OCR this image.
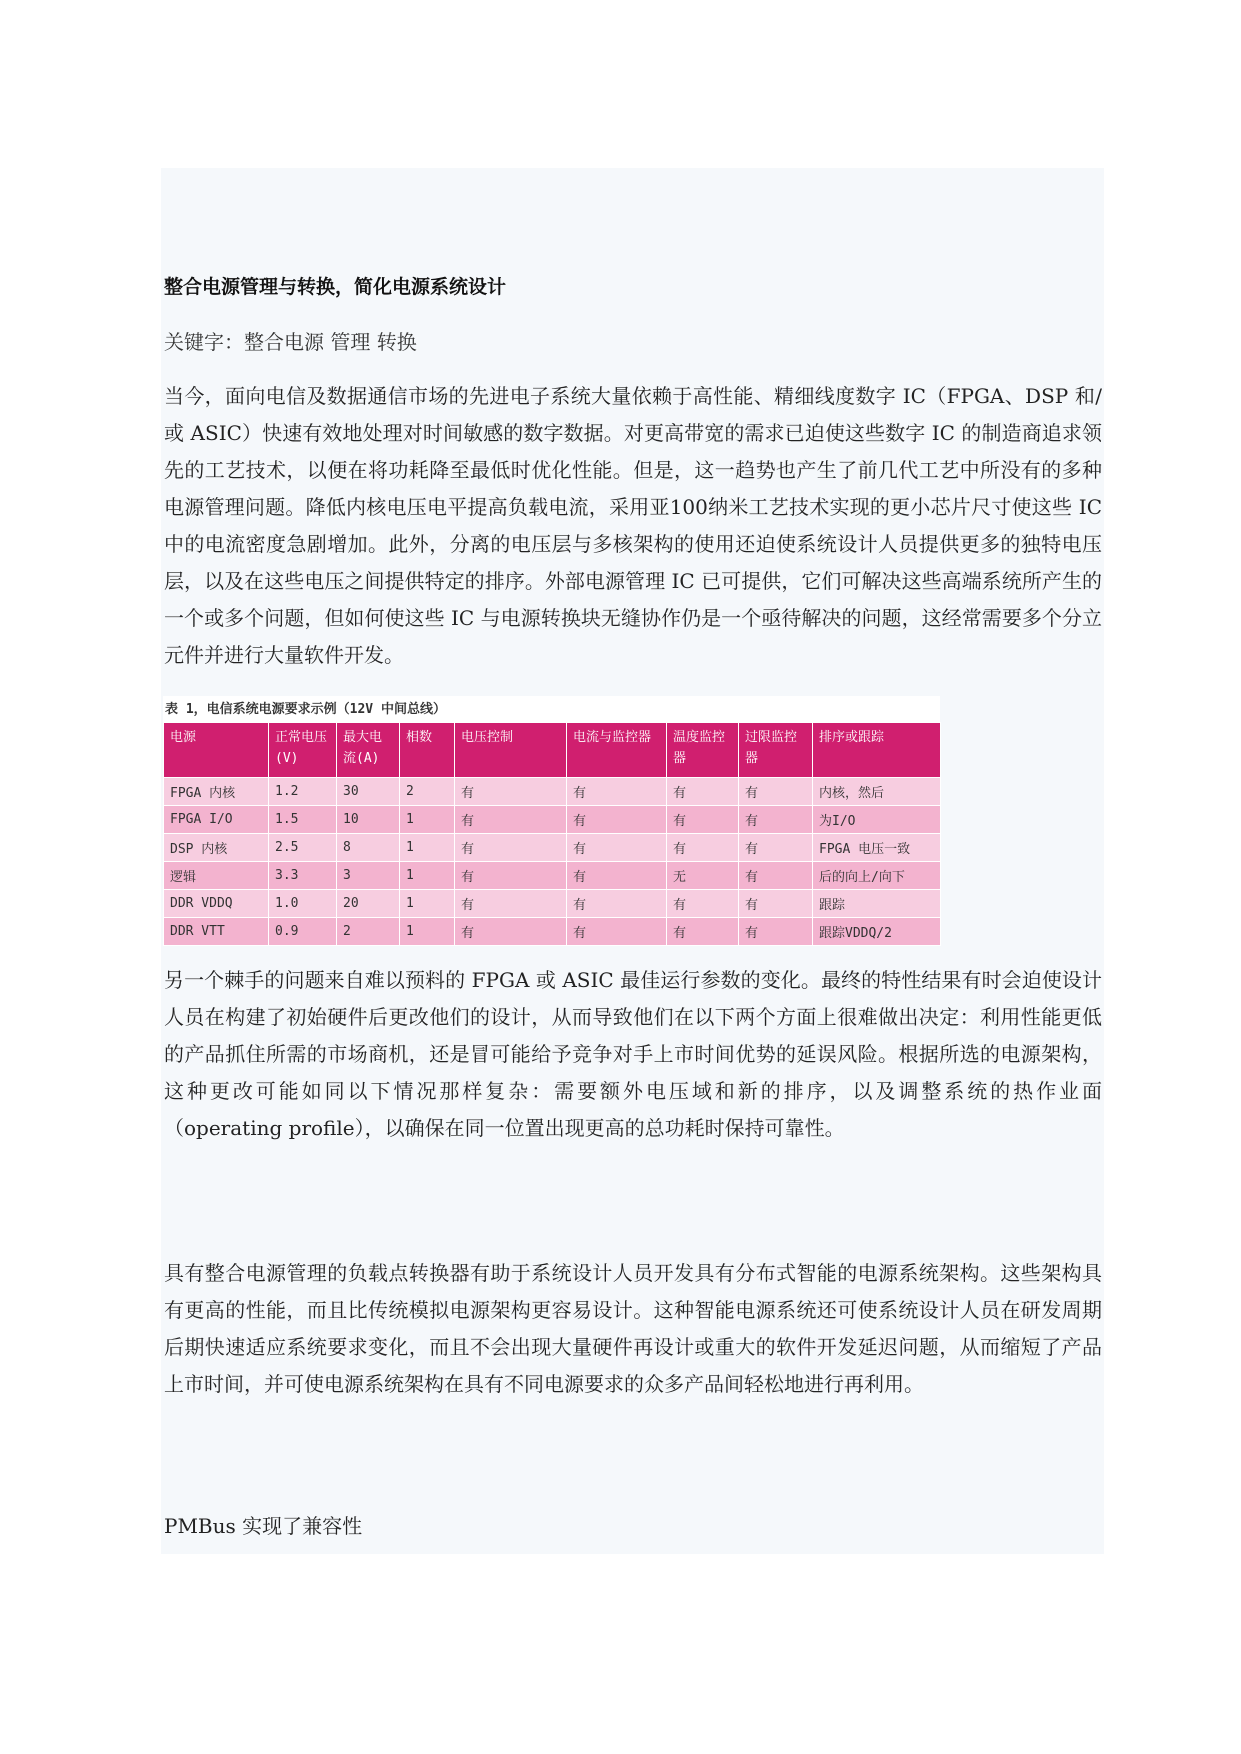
整合电源管理与转换，简化电源系统设计
关键字：整合电源 管理 转换

当今，面向电信及数据通信市场的先进电子系统大量依赖于高性能、精细线度数字 IC（FPGA、DSP 和/或 ASIC）快速有效地处理对时间敏感的数字数据。对更高带宽的需求已迫使这些数字 IC 的制造商追求领先的工艺技术，以便在将功耗降至最低时优化性能。但是，这一趋势也产生了前几代工艺中所没有的多种电源管理问题。降低内核电压电平提高负载电流，采用亚100纳米工艺技术实现的更小芯片尺寸使这些 IC 中的电流密度急剧增加。此外，分离的电压层与多核架构的使用还迫使系统设计人员提供更多的独特电压层，以及在这些电压之间提供特定的排序。外部电源管理 IC 已可提供，它们可解决这些高端系统所产生的一个或多个问题，但如何使这些 IC 与电源转换块无缝协作仍是一个亟待解决的问题，这经常需要多个分立元件并进行大量软件开发。

表 1，电信系统电源要求示例（12V 中间总线）
电源	正常电压(V)	最大电流(A)	相数	电压控制	电流与监控器	温度监控器	过限监控器	排序或跟踪
FPGA 内核	1.2	30	2	有	有	有	有	内核，然后
FPGA I/O	1.5	10	1	有	有	有	有	为I/O
DSP 内核	2.5	8	1	有	有	有	有	FPGA 电压一致
逻辑	3.3	3	1	有	有	无	有	后的向上/向下
DDR VDDQ	1.0	20	1	有	有	有	有	跟踪
DDR VTT	0.9	2	1	有	有	有	有	跟踪VDDQ/2

另一个棘手的问题来自难以预料的 FPGA 或 ASIC 最佳运行参数的变化。最终的特性结果有时会迫使设计人员在构建了初始硬件后更改他们的设计，从而导致他们在以下两个方面上很难做出决定：利用性能更低的产品抓住所需的市场商机，还是冒可能给予竞争对手上市时间优势的延误风险。根据所选的电源架构，这种更改可能如同以下情况那样复杂：需要额外电压域和新的排序，以及调整系统的热作业面（operating profile），以确保在同一位置出现更高的总功耗时保持可靠性。

具有整合电源管理的负载点转换器有助于系统设计人员开发具有分布式智能的电源系统架构。这些架构具有更高的性能，而且比传统模拟电源架构更容易设计。这种智能电源系统还可使系统设计人员在研发周期后期快速适应系统要求变化，而且不会出现大量硬件再设计或重大的软件开发延迟问题，从而缩短了产品上市时间，并可使电源系统架构在具有不同电源要求的众多产品间轻松地进行再利用。

PMBus 实现了兼容性
